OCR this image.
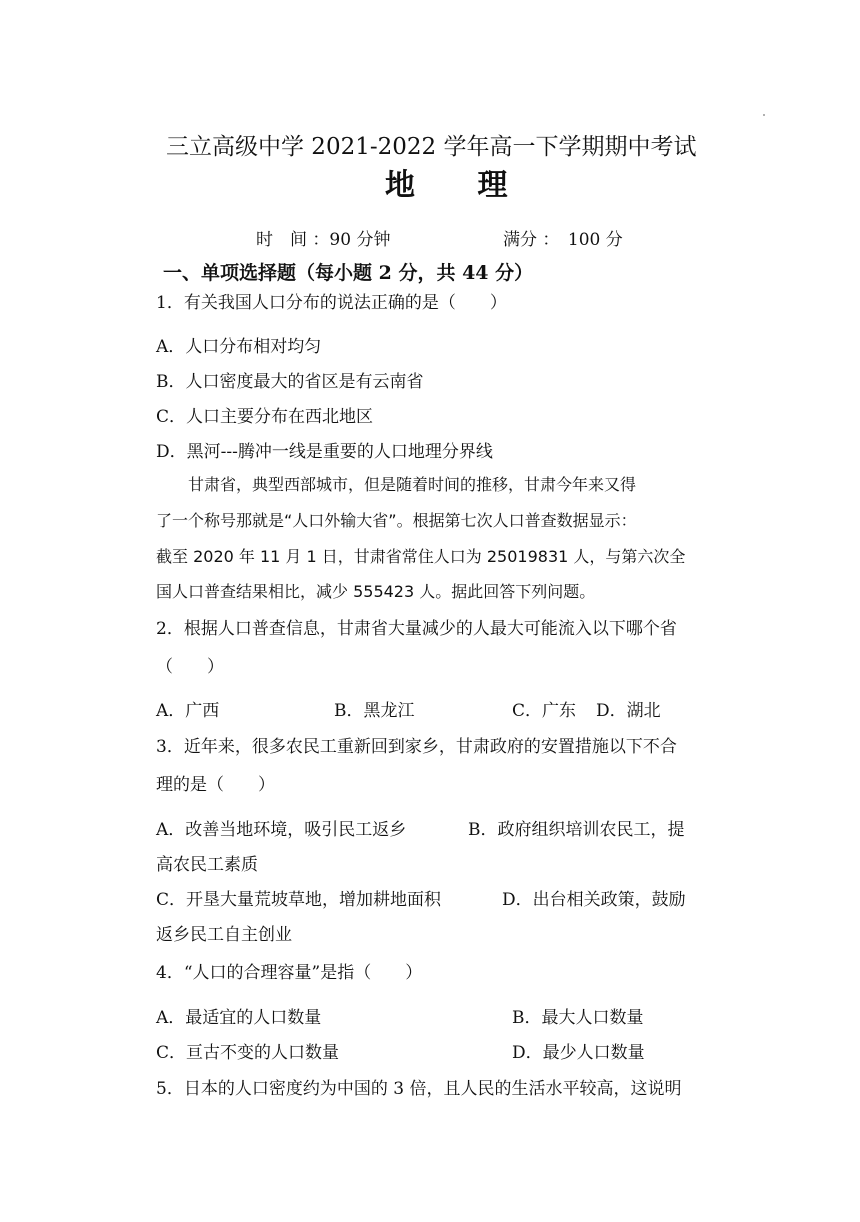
三立高级中学 2021-2022 学年高一下学期期中考试
地 理
时　间 ：90 分钟	满分 ：　100 分
一、单项选择题（每小题 2 分，共 44 分）
1．有关我国人口分布的说法正确的是（　　）
A．人口分布相对均匀
B．人口密度最大的省区是有云南省
C．人口主要分布在西北地区
D．黑河---腾冲一线是重要的人口地理分界线
甘肃省，典型西部城市，但是随着时间的推移，甘肃今年来又得
了一个称号那就是“人口外输大省”。根据第七次人口普查数据显示：
截至 2020 年 11 月 1 日，甘肃省常住人口为 25019831 人，与第六次全
国人口普查结果相比，减少 555423 人。据此回答下列问题。
2．根据人口普查信息，甘肃省大量减少的人最大可能流入以下哪个省
（　　）
A．广西	B．黑龙江	C．广东 D．湖北
3．近年来，很多农民工重新回到家乡，甘肃政府的安置措施以下不合
理的是（　　）
A．改善当地环境，吸引民工返乡	B．政府组织培训农民工，提
高农民工素质
C．开垦大量荒坡草地，增加耕地面积	D．出台相关政策，鼓励
返乡民工自主创业
4．“人口的合理容量”是指（　　）
A．最适宜的人口数量	B．最大人口数量
C．亘古不变的人口数量	D．最少人口数量
5．日本的人口密度约为中国的 3 倍，且人民的生活水平较高，这说明
